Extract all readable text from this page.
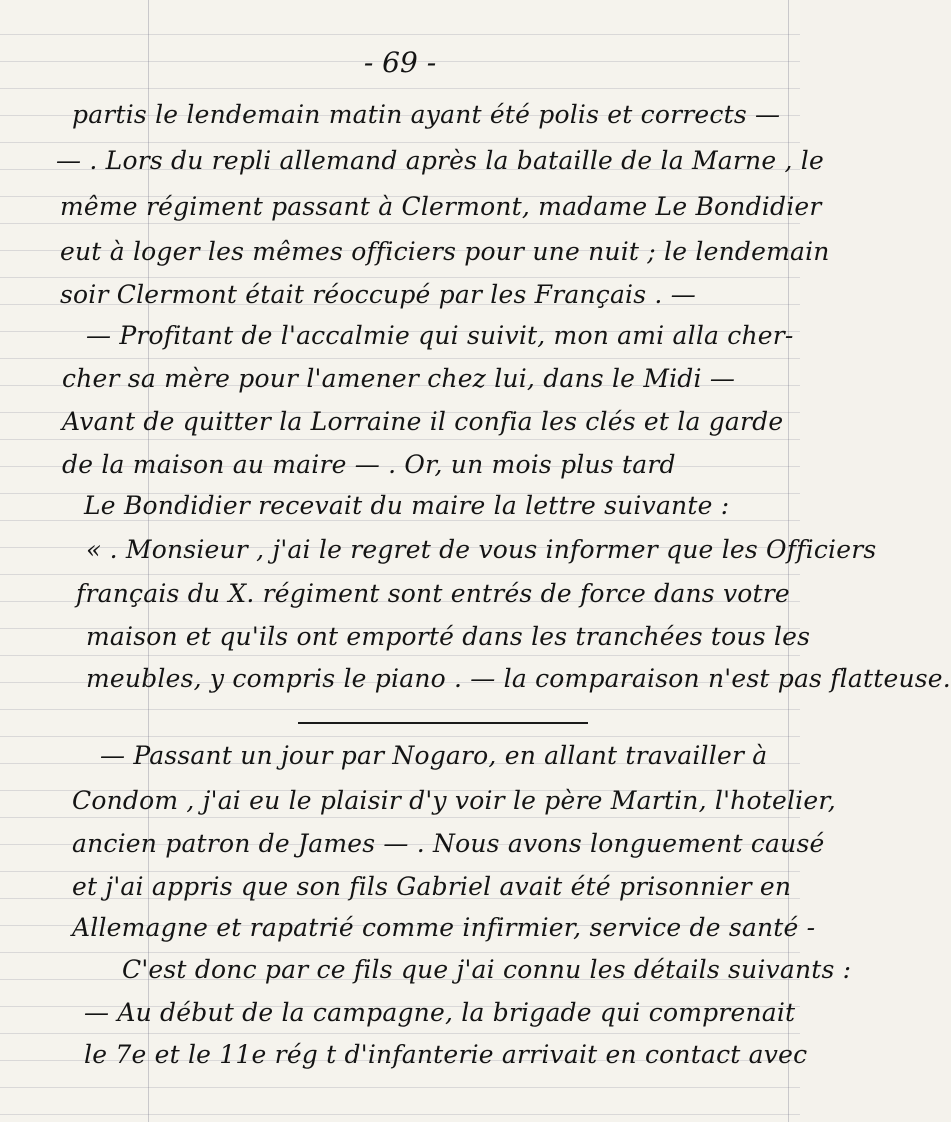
- 69 -
partis le lendemain matin ayant été polis et corrects —
— . Lors du repli allemand après la bataille de la Marne , le
même régiment passant à Clermont, madame Le Bondidier
eut à loger les mêmes officiers pour une nuit ; le lendemain
soir Clermont était réoccupé par les Français . —
— Profitant de l'accalmie qui suivit, mon ami alla cher-
cher sa mère pour l'amener chez lui, dans le Midi —
Avant de quitter la Lorraine il confia les clés et la garde
de la maison au maire — . Or, un mois plus tard
Le Bondidier recevait du maire la lettre suivante :
« . Monsieur , j'ai le regret de vous informer que les Officiers
français du X. régiment sont entrés de force dans votre
maison et qu'ils ont emporté dans les tranchées tous les
meubles, y compris le piano . — la comparaison n'est pas flatteuse.
— Passant un jour par Nogaro, en allant travailler à
Condom , j'ai eu le plaisir d'y voir le père Martin, l'hotelier,
ancien patron de James — . Nous avons longuement causé
et j'ai appris que son fils Gabriel avait été prisonnier en
Allemagne et rapatrié comme infirmier, service de santé -
C'est donc par ce fils que j'ai connu les détails suivants :
— Au début de la campagne, la brigade qui comprenait
le 7e et le 11e rég t d'infanterie arrivait en contact avec
